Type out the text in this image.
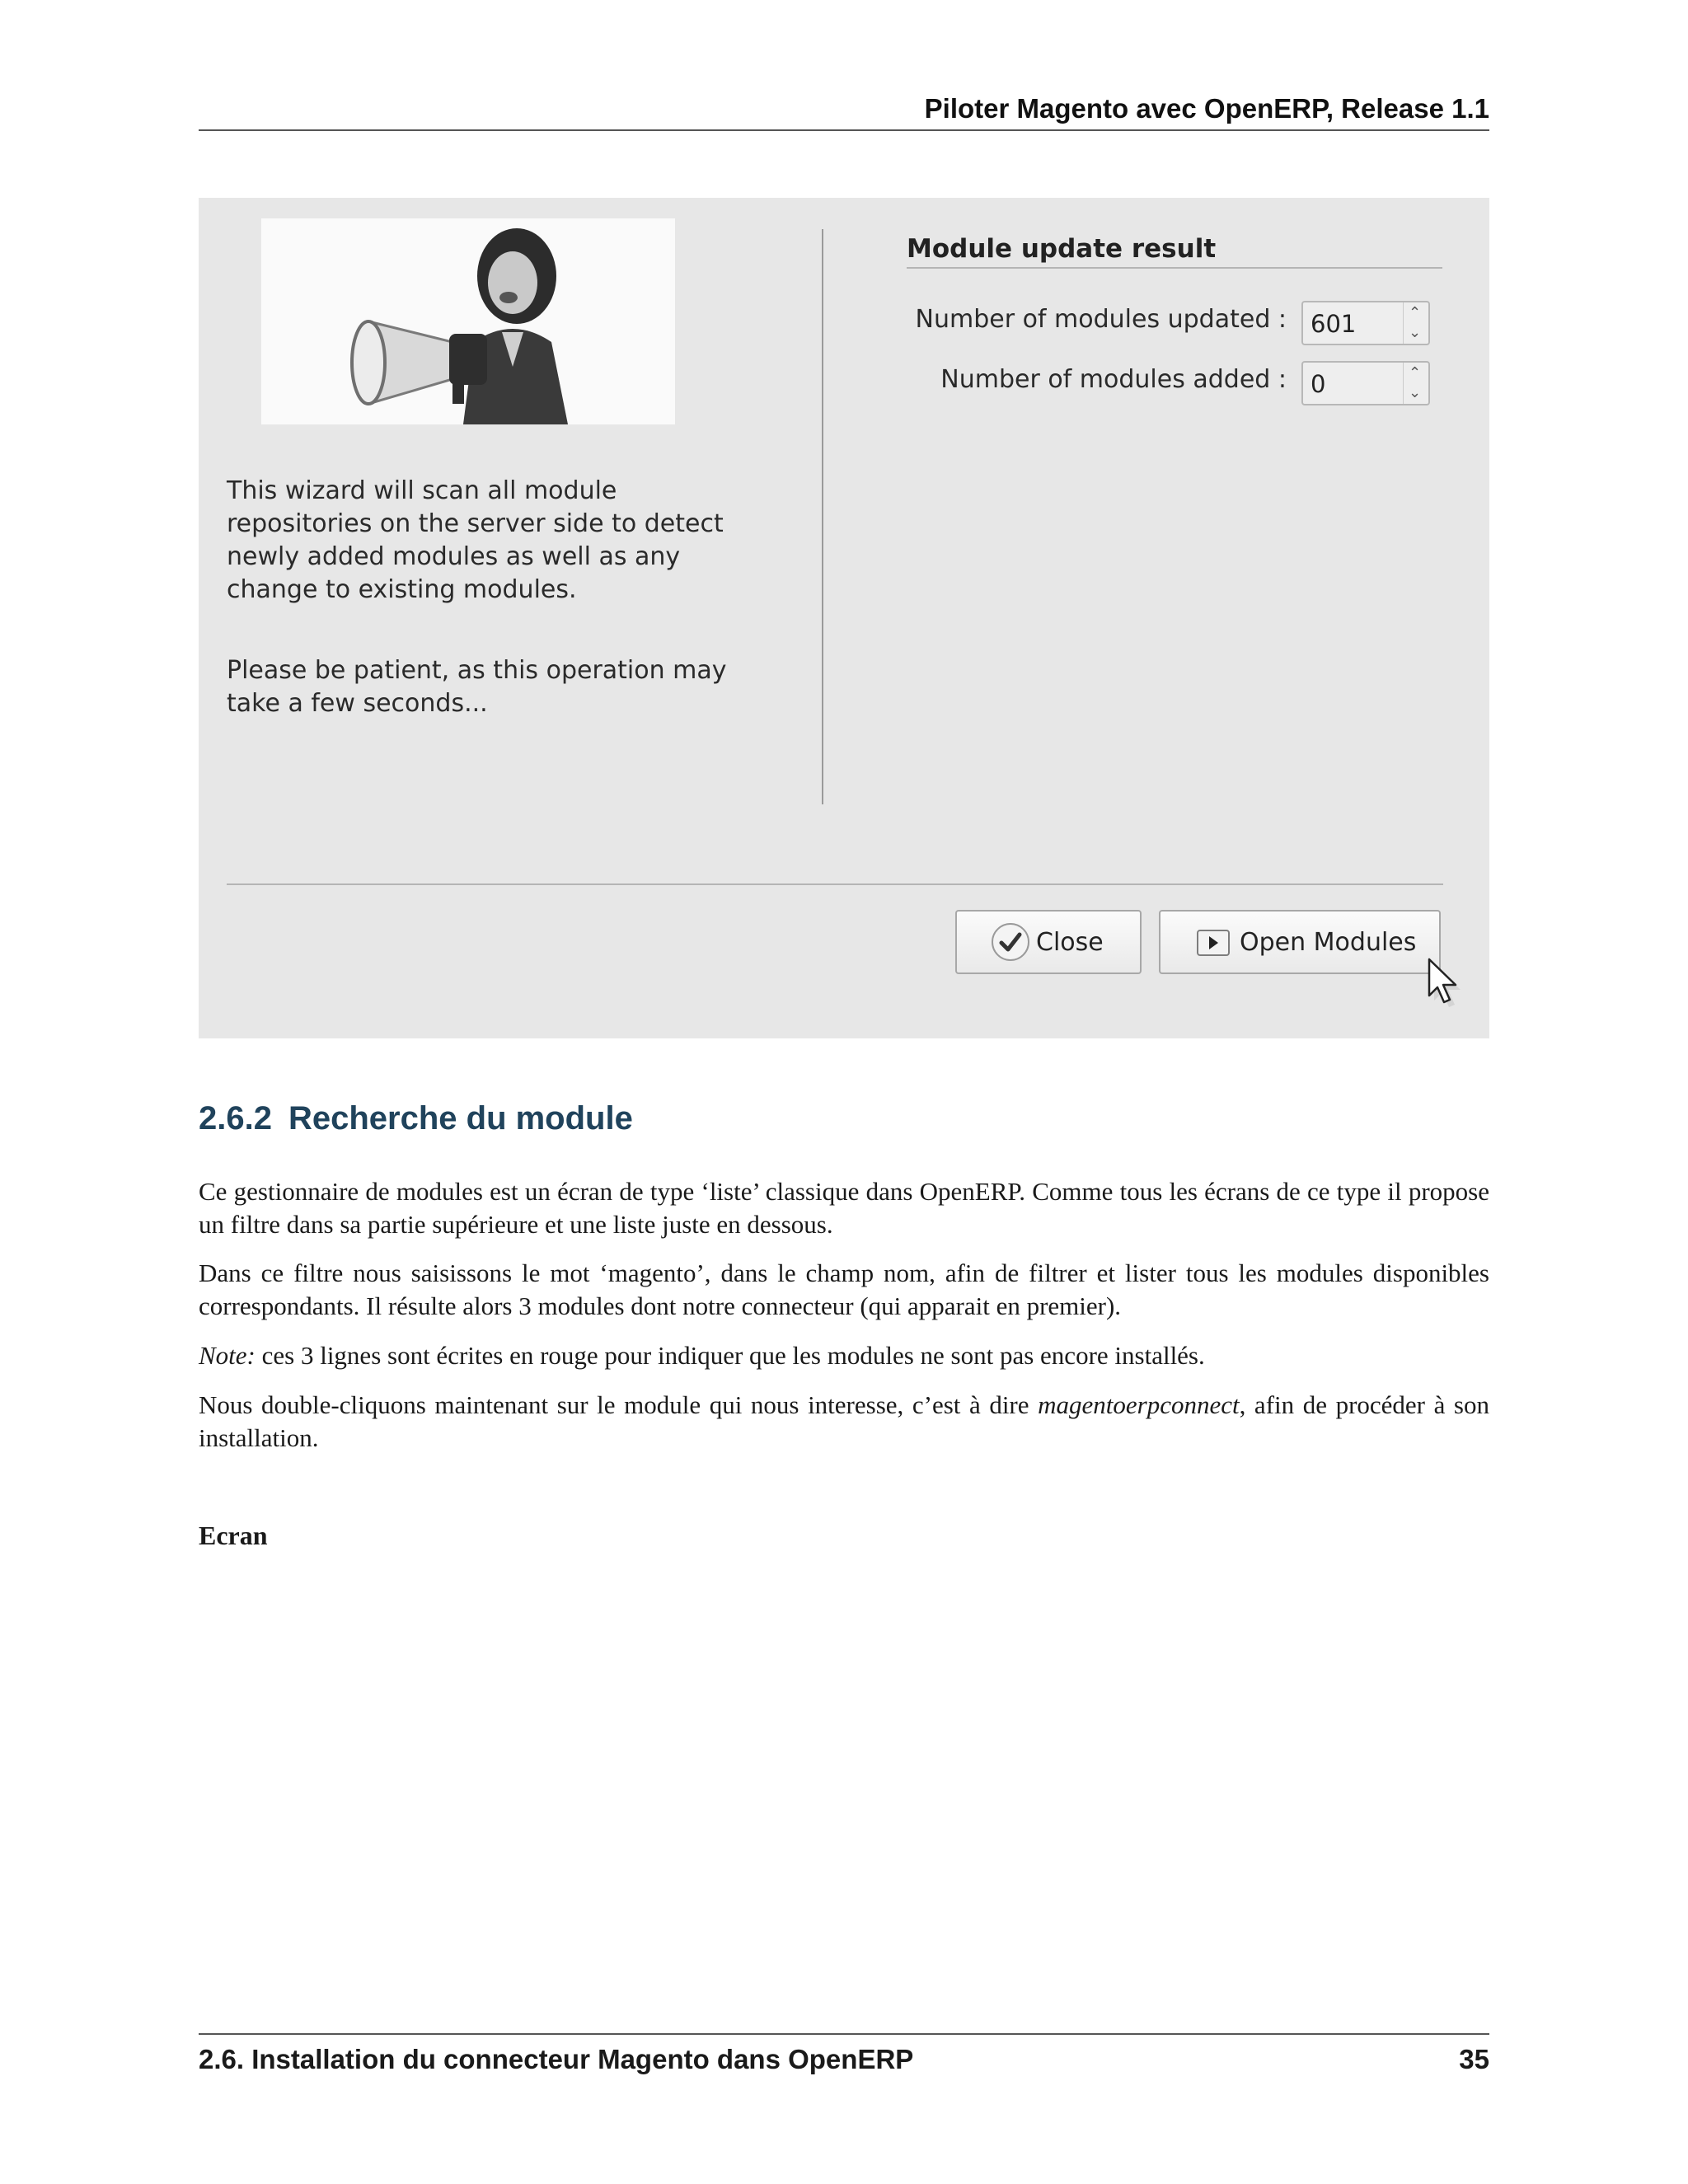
Piloter Magento avec OpenERP, Release 1.1

This wizard will scan all module repositories on the server side to detect newly added modules as well as any change to existing modules.

Please be patient, as this operation may take a few seconds...

Module update result
Number of modules updated : 601	⌃
⌄
Number of modules added : 0	⌃
⌄
Close	Open Modules
2.6.2 Recherche du module

Ce gestionnaire de modules est un écran de type ‘liste’ classique dans OpenERP. Comme tous les écrans de ce type il propose un filtre dans sa partie supérieure et une liste juste en dessous.

Dans ce filtre nous saisissons le mot ‘magento’, dans le champ nom, afin de filtrer et lister tous les modules disponibles correspondants. Il résulte alors 3 modules dont notre connecteur (qui apparait en premier).

Note: ces 3 lignes sont écrites en rouge pour indiquer que les modules ne sont pas encore installés.

Nous double-cliquons maintenant sur le module qui nous interesse, c’est à dire magentoerpconnect, afin de procéder à son installation.

Ecran

2.6. Installation du connecteur Magento dans OpenERP	35
